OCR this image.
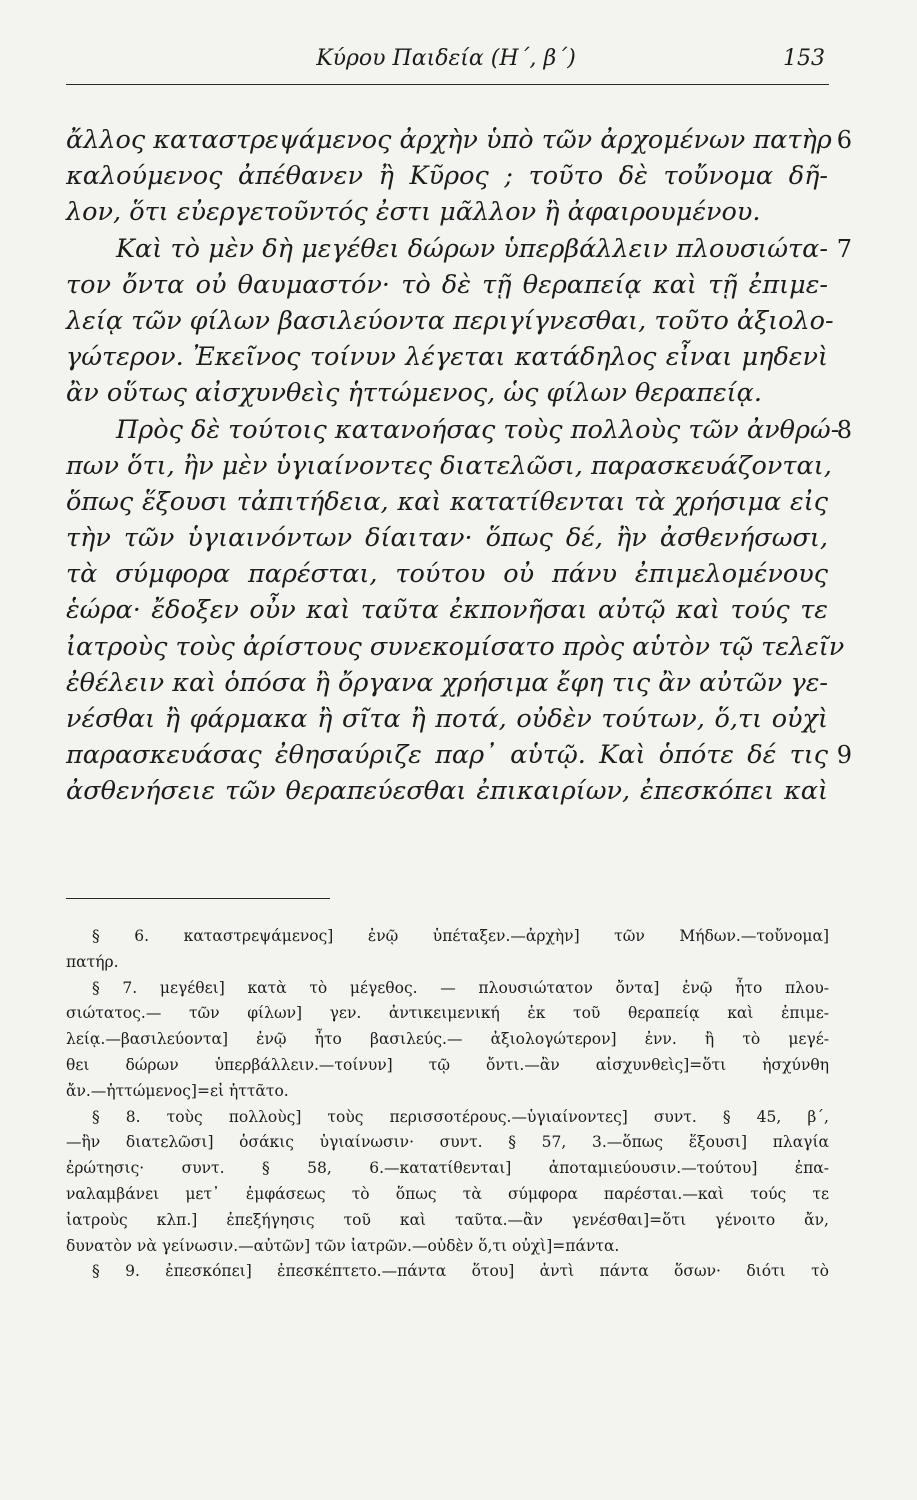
Κύρου Παιδεία (Η΄, β΄)	153
ἄλλος καταστρεψάμενος ἀρχὴν ὑπὸ τῶν ἀρχομένων πατὴρ 6
καλούμενος ἀπέθανεν ἢ Κῦρος ; τοῦτο δὲ τοὔνομα δῆ-
λον, ὅτι εὐεργετοῦντός ἐστι μᾶλλον ἢ ἀφαιρουμένου.
Καὶ τὸ μὲν δὴ μεγέθει δώρων ὑπερβάλλειν πλουσιώτα- 7
τον ὄντα οὐ θαυμαστόν· τὸ δὲ τῇ θεραπείᾳ καὶ τῇ ἐπιμε-
λείᾳ τῶν φίλων βασιλεύοντα περιγίγνεσθαι, τοῦτο ἀξιολο-
γώτερον. Ἐκεῖνος τοίνυν λέγεται κατάδηλος εἶναι μηδενὶ
ἂν οὕτως αἰσχυνθεὶς ἡττώμενος, ὡς φίλων θεραπείᾳ.
Πρὸς δὲ τούτοις κατανοήσας τοὺς πολλοὺς τῶν ἀνθρώ-
8
πων ὅτι, ἢν μὲν ὑγιαίνοντες διατελῶσι, παρασκευάζονται,
ὅπως ἕξουσι τἀπιτήδεια, καὶ κατατίθενται τὰ χρήσιμα εἰς
τὴν τῶν ὑγιαινόντων δίαιταν· ὅπως δέ, ἢν ἀσθενήσωσι,
τὰ σύμφορα παρέσται, τούτου οὐ πάνυ ἐπιμελομένους
ἑώρα· ἔδοξεν οὖν καὶ ταῦτα ἐκπονῆσαι αὐτῷ καὶ τούς τε
ἰατροὺς τοὺς ἀρίστους συνεκομίσατο πρὸς αὑτὸν τῷ τελεῖν
ἐθέλειν καὶ ὁπόσα ἢ ὄργανα χρήσιμα ἔφη τις ἂν αὐτῶν γε-
νέσθαι ἢ φάρμακα ἢ σῖτα ἢ ποτά, οὐδὲν τούτων, ὅ,τι οὐχὶ
παρασκευάσας ἐθησαύριζε παρ᾽ αὑτῷ. Καὶ ὁπότε δέ τις 9
ἀσθενήσειε τῶν θεραπεύεσθαι ἐπικαιρίων, ἐπεσκόπει καὶ
§ 6. καταστρεψάμενος] ἐνῷ ὑπέταξεν.—ἀρχὴν] τῶν Μήδων.—τοὔνομα]
πατήρ.
§ 7. μεγέθει] κατὰ τὸ μέγεθος. — πλουσιώτατον ὄντα] ἐνῷ ἦτο πλου-
σιώτατος.— τῶν φίλων] γεν. ἀντικειμενική ἐκ τοῦ θεραπείᾳ καὶ ἐπιμε-
λείᾳ.—βασιλεύοντα] ἐνῷ ἦτο βασιλεύς.— ἀξιολογώτερον] ἐνν. ἢ τὸ μεγέ-
θει δώρων ὑπερβάλλειν.—τοίνυν] τῷ ὄντι.—ἂν αἰσχυνθεὶς]=ὅτι ἠσχύνθη
ἄν.—ἡττώμενος]=εἰ ἡττᾶτο.
§ 8. τοὺς πολλοὺς] τοὺς περισσοτέρους.—ὑγιαίνοντες] συντ. § 45, β΄,
—ἢν διατελῶσι] ὁσάκις ὑγιαίνωσιν· συντ. § 57, 3.—ὅπως ἕξουσι] πλαγία
ἐρώτησις· συντ. § 58, 6.—κατατίθενται] ἀποταμιεύουσιν.—τούτου] ἐπα-
ναλαμβάνει μετ᾽ ἐμφάσεως τὸ ὅπως τὰ σύμφορα παρέσται.—καὶ τούς τε
ἰατροὺς κλπ.] ἐπεξήγησις τοῦ καὶ ταῦτα.—ἂν γενέσθαι]=ὅτι γένοιτο ἄν,
δυνατὸν νὰ γείνωσιν.—αὐτῶν] τῶν ἰατρῶν.—οὐδὲν ὅ,τι οὐχὶ]=πάντα.
§ 9. ἐπεσκόπει] ἐπεσκέπτετο.—πάντα ὅτου] ἀντὶ πάντα ὅσων· διότι τὸ
